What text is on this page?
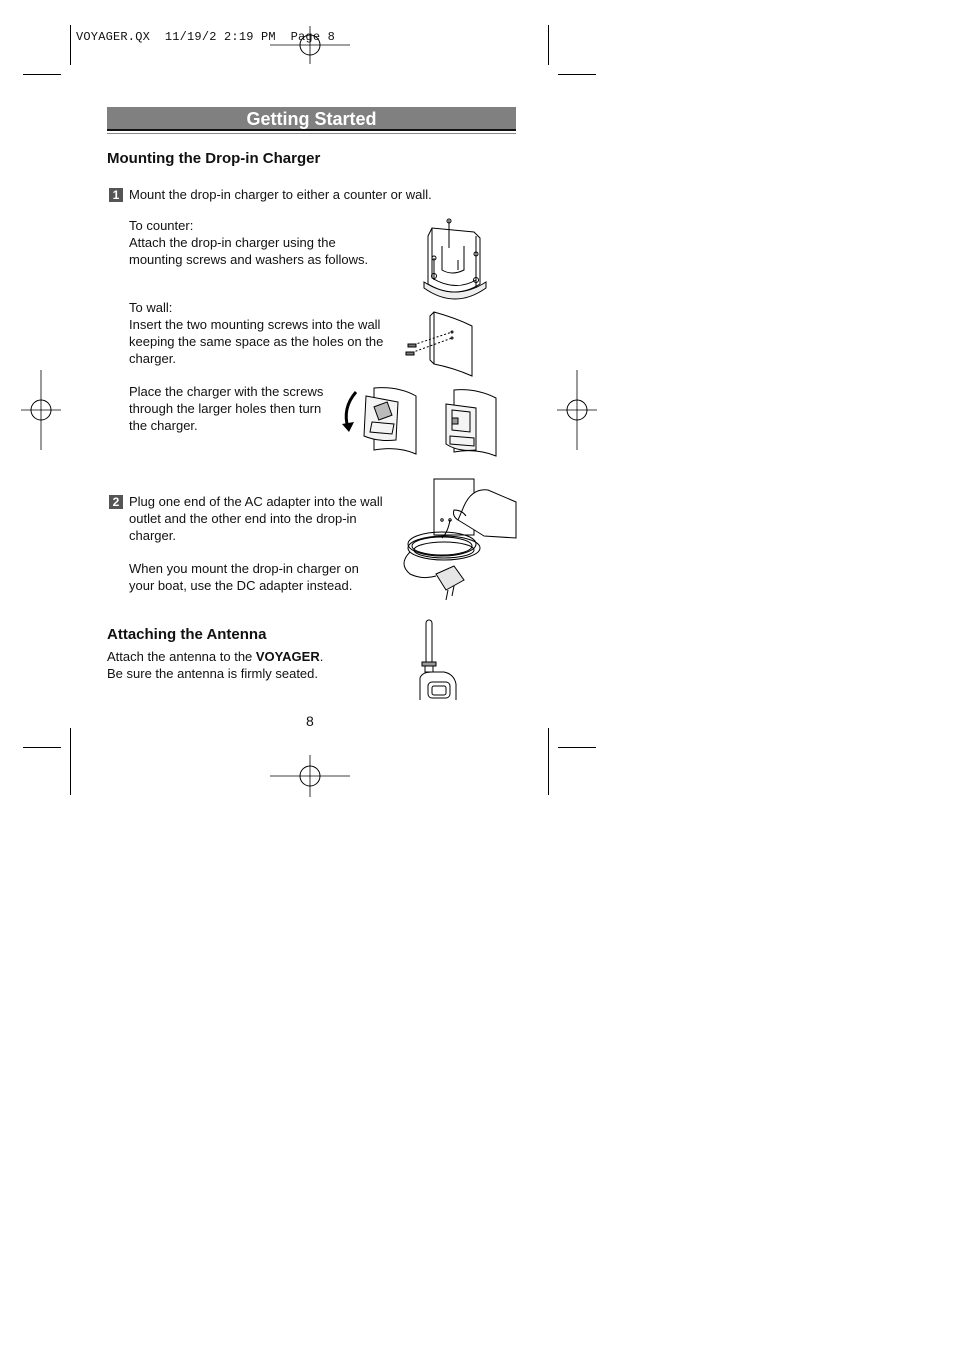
VOYAGER.QX  11/19/2 2:19 PM  Page 8
Getting Started
Mounting the Drop-in Charger
1 Mount the drop-in charger to either a counter or wall.
To counter:
Attach the drop-in charger using the mounting screws and washers as follows.
To wall:
Insert the two mounting screws into the wall keeping the same space as the holes on the charger.
Place the charger with the screws through the larger holes then turn the charger.
2 Plug one end of the AC adapter into the wall outlet and the other end into the drop-in charger.
When you mount the drop-in charger on your boat, use the DC adapter instead.
Attaching the Antenna
Attach the antenna to the VOYAGER.
Be sure the antenna is firmly seated.
8
